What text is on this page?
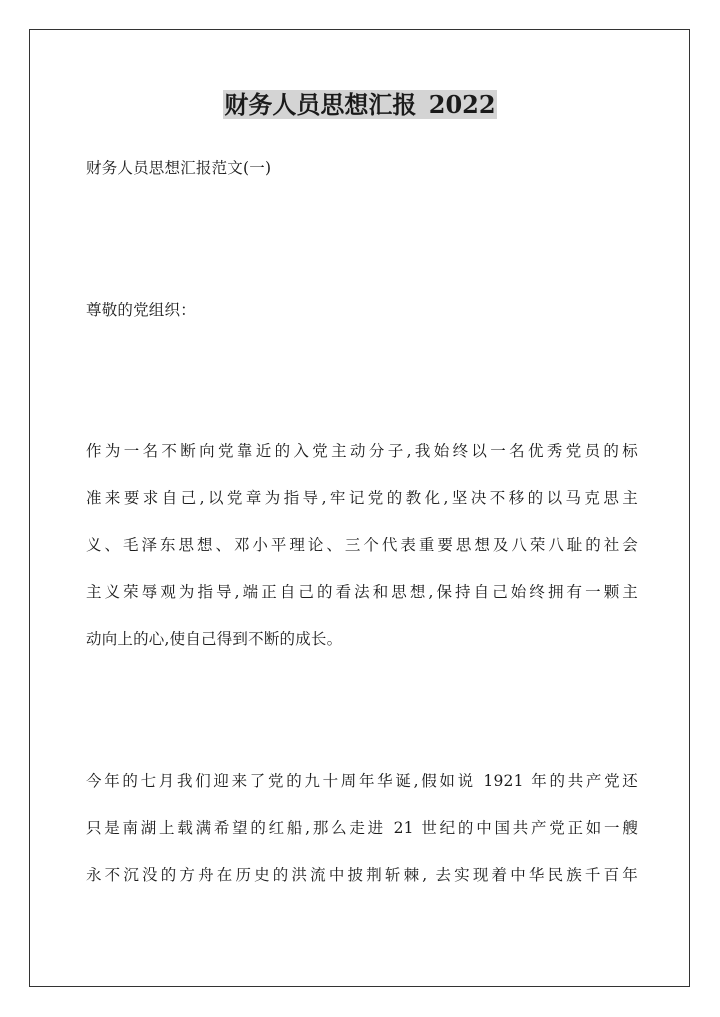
财务人员思想汇报 2022
财务人员思想汇报范文(一)
尊敬的党组织：
作为一名不断向党靠近的入党主动分子,我始终以一名优秀党员的标
准来要求自己,以党章为指导,牢记党的教化,坚决不移的以马克思主
义、毛泽东思想、邓小平理论、三个代表重要思想及八荣八耻的社会
主义荣辱观为指导,端正自己的看法和思想,保持自己始终拥有一颗主
动向上的心,使自己得到不断的成长。
今年的七月我们迎来了党的九十周年华诞,假如说 1921 年的共产党还
只是南湖上载满希望的红船,那么走进 21 世纪的中国共产党正如一艘
永不沉没的方舟在历史的洪流中披荆斩棘, 去实现着中华民族千百年
